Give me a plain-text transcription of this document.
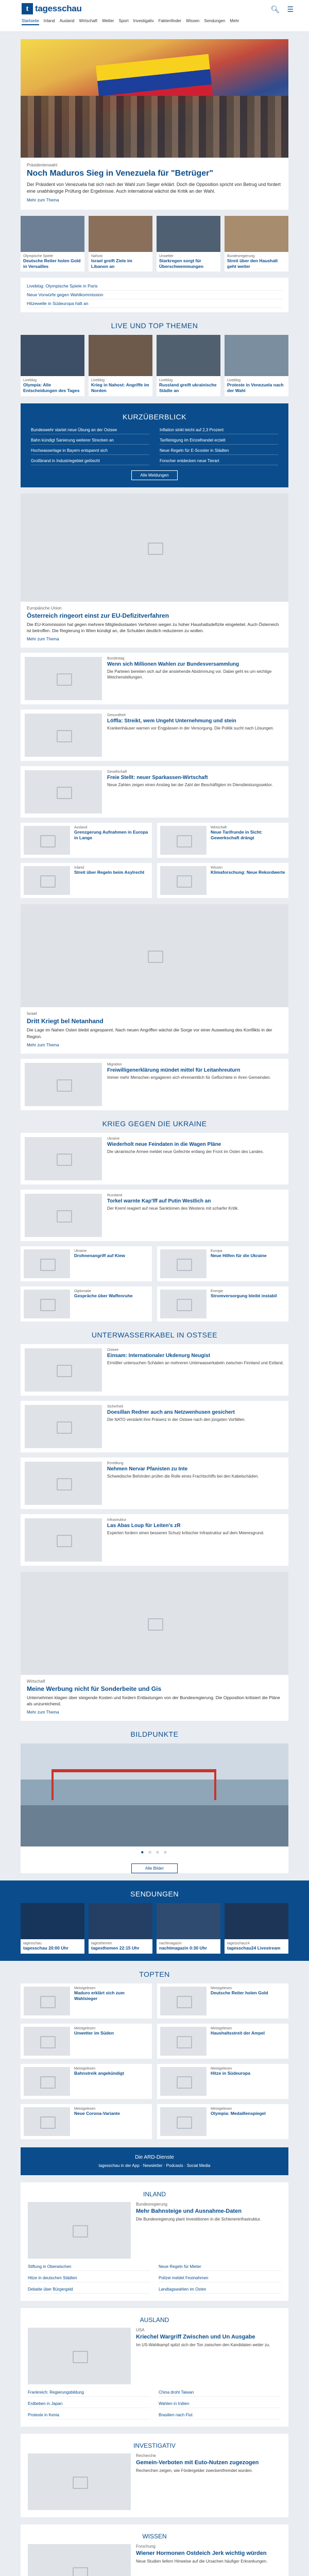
t tagesschau	🔍︎ ☰
Startseite Inland Ausland Wirtschaft Wetter Sport Investigativ Faktenfinder Wissen Sendungen Mehr
Präsidentenwahl
Noch Maduros Sieg in Venezuela für "Betrüger"
Der Präsident von Venezuela hat sich nach der Wahl zum Sieger erklärt. Doch die Opposition spricht von Betrug und fordert eine unabhängige Prüfung der Ergebnisse. Auch international wächst die Kritik an der Wahl.
Mehr zum Thema
Olympische Spiele
Deutsche Reiter holen Gold in Versailles
Nahost
Israel greift Ziele im Libanon an
Unwetter
Starkregen sorgt für Überschwemmungen
Bundesregierung
Streit über den Haushalt geht weiter
Liveblog: Olympische Spiele in Paris
Neue Vorwürfe gegen Wahlkommission
Hitzewelle in Südeuropa hält an
LIVE UND TOP THEMEN
Liveblog
Olympia: Alle Entscheidungen des Tages
Liveblog
Krieg in Nahost: Angriffe im Norden
Liveblog
Russland greift ukrainische Städte an
Liveblog
Proteste in Venezuela nach der Wahl
KURZÜBERBLICK
Bundeswehr startet neue Übung an der Ostsee	Inflation sinkt leicht auf 2,3 Prozent
Bahn kündigt Sanierung weiterer Strecken an	Tarifeinigung im Einzelhandel erzielt
Hochwasserlage in Bayern entspannt sich	Neue Regeln für E-Scooter in Städten
Großbrand in Industriegebiet gelöscht	Forscher entdecken neue Tierart
Alle Meldungen
Europäische Union
Österreich ringeort einst zur EU-Defizitverfahren
Die EU-Kommission hat gegen mehrere Mitgliedsstaaten Verfahren wegen zu hoher Haushaltsdefizite eingeleitet. Auch Österreich ist betroffen. Die Regierung in Wien kündigt an, die Schulden deutlich reduzieren zu wollen.
Mehr zum Thema
Bundestag
Wenn sich Millionen Wahlen zur Bundesversammlung
Die Parteien bereiten sich auf die anstehende Abstimmung vor. Dabei geht es um wichtige Weichenstellungen.
Gesundheit
Löffla: Streikt, wem Ungeht Unternehmung und stein
Krankenhäuser warnen vor Engpässen in der Versorgung. Die Politik sucht nach Lösungen.
Gesellschaft
Freie Stellt: neuer Sparkassen-Wirtschaft
Neue Zahlen zeigen einen Anstieg bei der Zahl der Beschäftigten im Dienstleistungssektor.
Ausland
Grenzgerung Aufnahmen in Europa in Lange
Wirtschaft
Neue Tarifrunde in Sicht: Gewerkschaft drängt
Inland
Streit über Regeln beim Asylrecht
Wissen
Klimaforschung: Neue Rekordwerte
Israel
Dritt Kriegt bel Netanhand
Die Lage im Nahen Osten bleibt angespannt. Nach neuen Angriffen wächst die Sorge vor einer Ausweitung des Konflikts in der Region.
Mehr zum Thema
Migration
Freiwilligenerklärung mündet mittel für Leitanhreuturn
Immer mehr Menschen engagieren sich ehrenamtlich für Geflüchtete in ihren Gemeinden.
KRIEG GEGEN DIE UKRAINE
Ukraine
Wiederholt neue Feindaten in die Wagen Pläne
Die ukrainische Armee meldet neue Gefechte entlang der Front im Osten des Landes.
Russland
Torkel warnte Kap'lff auf Putin Westlich an
Der Kreml reagiert auf neue Sanktionen des Westens mit scharfer Kritik.
Ukraine
Drohnenangriff auf Kiew
Europa
Neue Hilfen für die Ukraine
Diplomatie
Gespräche über Waffenruhe
Energie
Stromversorgung bleibt instabil
UNTERWASSERKABEL IN OSTSEE
Ostsee
Einsam: Internationaler Ukdenurg Neugist
Ermittler untersuchen Schäden an mehreren Unterwasserkabeln zwischen Finnland und Estland.
Sicherheit
Doesillan Redner auch ans Netzwenhusen gesichert
Die NATO verstärkt ihre Präsenz in der Ostsee nach den jüngsten Vorfällen.
Ermittlung
Nehmen Nervar Pfanisten zu Inte
Schwedische Behörden prüfen die Rolle eines Frachtschiffs bei den Kabelschäden.
Infrastruktur
Las Abas Loup für Leiten's zR
Experten fordern einen besseren Schutz kritischer Infrastruktur auf dem Meeresgrund.
Wirtschaft
Meine Werbung nicht für Sonderbeite und Gis
Unternehmen klagen über steigende Kosten und fordern Entlastungen von der Bundesregierung. Die Opposition kritisiert die Pläne als unzureichend.
Mehr zum Thema
BILDPUNKTE
● ○ ○ ○
Alle Bilder
SENDUNGEN
tagesschau
tagesschau 20:00 Uhr
tagesthemen
tagesthemen 22:15 Uhr
nachtmagazin
nachtmagazin 0:30 Uhr
tagesschau24
tagesschau24 Livestream
TOPTEN
Meistgelesen
Maduro erklärt sich zum Wahlsieger
Meistgelesen
Deutsche Reiter holen Gold
Meistgelesen
Unwetter im Süden
Meistgelesen
Haushaltsstreit der Ampel
Meistgelesen
Bahnstreik angekündigt
Meistgelesen
Hitze in Südeuropa
Meistgelesen
Neue Corona-Variante
Meistgelesen
Olympia: Medaillenspiegel
Die ARD-Dienste
tagesschau in der App · Newsletter · Podcasts · Social Media
INLAND
Bundesregierung
Mehr Bahnsteige und Ausnahme-Daten
Die Bundesregierung plant Investitionen in die Schieneninfrastruktur.
Stiftung in Oberwischen	Neue Regeln für Mieter
Hitze in deutschen Städten	Polizei meldet Festnahmen
Debatte über Bürgergeld	Landtagswahlen im Osten
AUSLAND
USA
Kriechel Wargriff Zwischen und Un Ausgabe
Im US-Wahlkampf spitzt sich der Ton zwischen den Kandidaten weiter zu.
Frankreich: Regierungsbildung	China droht Taiwan
Erdbeben in Japan	Wahlen in Indien
Proteste in Kenia	Brasilien nach Flut
INVESTIGATIV
Recherche
Gemein-Verboten mit Euto-Nutzen zugezogen
Recherchen zeigen, wie Fördergelder zweckentfremdet wurden.
WISSEN
Forschung
Wiener Hormonen Ostdeich Jerk wichtig würden
Neue Studien liefern Hinweise auf die Ursachen häufiger Erkrankungen.
